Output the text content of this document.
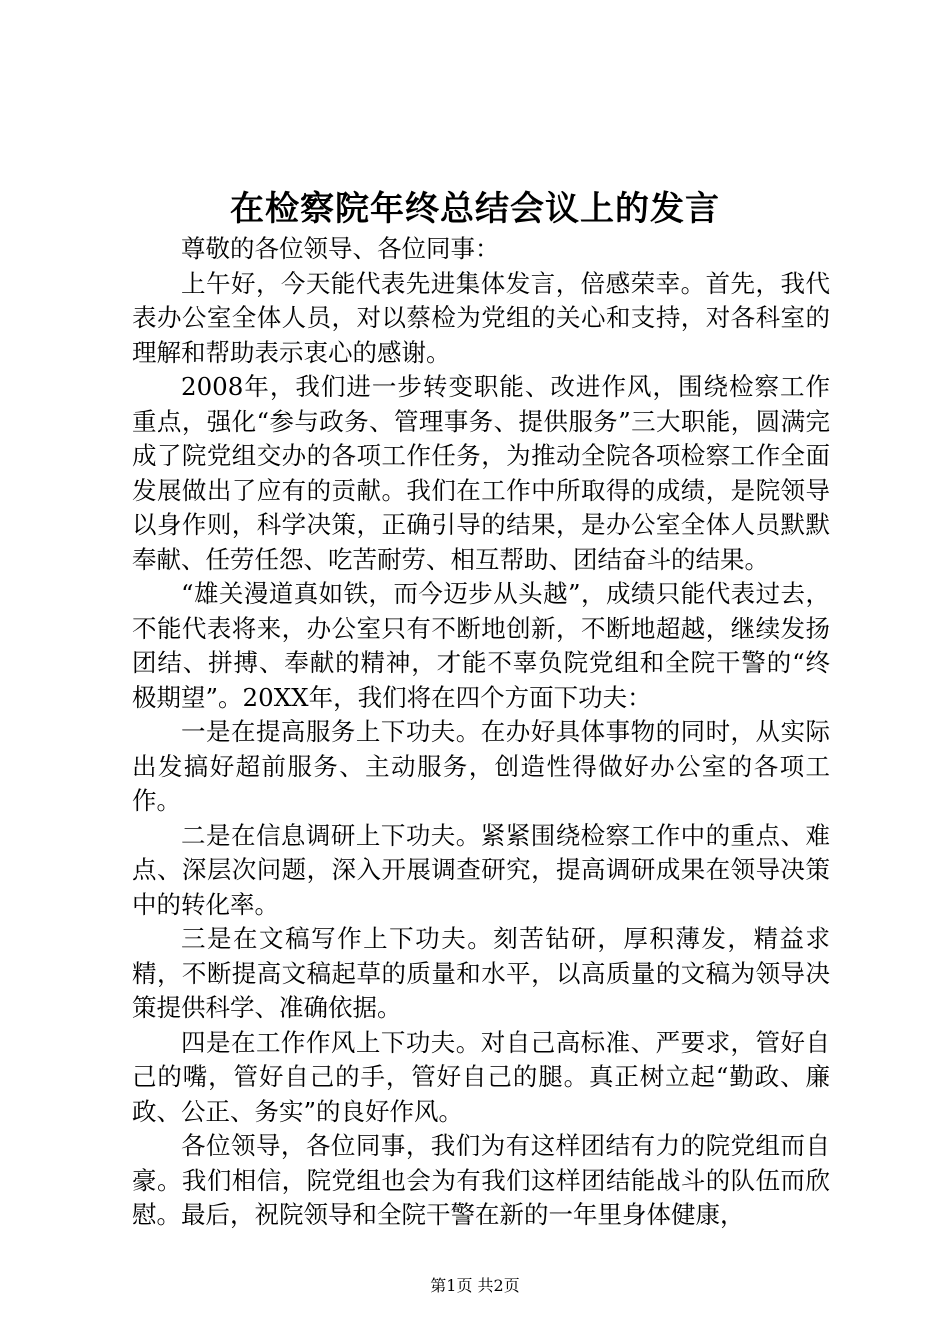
在检察院年终总结会议上的发言

尊敬的各位领导、各位同事：

上午好，今天能代表先进集体发言，倍感荣幸。首先，我代表办公室全体人员，对以蔡检为党组的关心和支持，对各科室的理解和帮助表示衷心的感谢。

2008年，我们进一步转变职能、改进作风，围绕检察工作重点，强化“参与政务、管理事务、提供服务”三大职能，圆满完成了院党组交办的各项工作任务，为推动全院各项检察工作全面发展做出了应有的贡献。我们在工作中所取得的成绩，是院领导以身作则，科学决策，正确引导的结果，是办公室全体人员默默奉献、任劳任怨、吃苦耐劳、相互帮助、团结奋斗的结果。

“雄关漫道真如铁，而今迈步从头越”，成绩只能代表过去，不能代表将来，办公室只有不断地创新，不断地超越，继续发扬团结、拼搏、奉献的精神，才能不辜负院党组和全院干警的“终极期望”。20XX年，我们将在四个方面下功夫：

一是在提高服务上下功夫。在办好具体事物的同时，从实际出发搞好超前服务、主动服务，创造性得做好办公室的各项工作。

二是在信息调研上下功夫。紧紧围绕检察工作中的重点、难点、深层次问题，深入开展调查研究，提高调研成果在领导决策中的转化率。

三是在文稿写作上下功夫。刻苦钻研，厚积薄发，精益求精，不断提高文稿起草的质量和水平，以高质量的文稿为领导决策提供科学、准确依据。

四是在工作作风上下功夫。对自己高标准、严要求，管好自己的嘴，管好自己的手，管好自己的腿。真正树立起“勤政、廉政、公正、务实”的良好作风。

各位领导，各位同事，我们为有这样团结有力的院党组而自豪。我们相信，院党组也会为有我们这样团结能战斗的队伍而欣慰。最后，祝院领导和全院干警在新的一年里身体健康，

第1页 共2页
